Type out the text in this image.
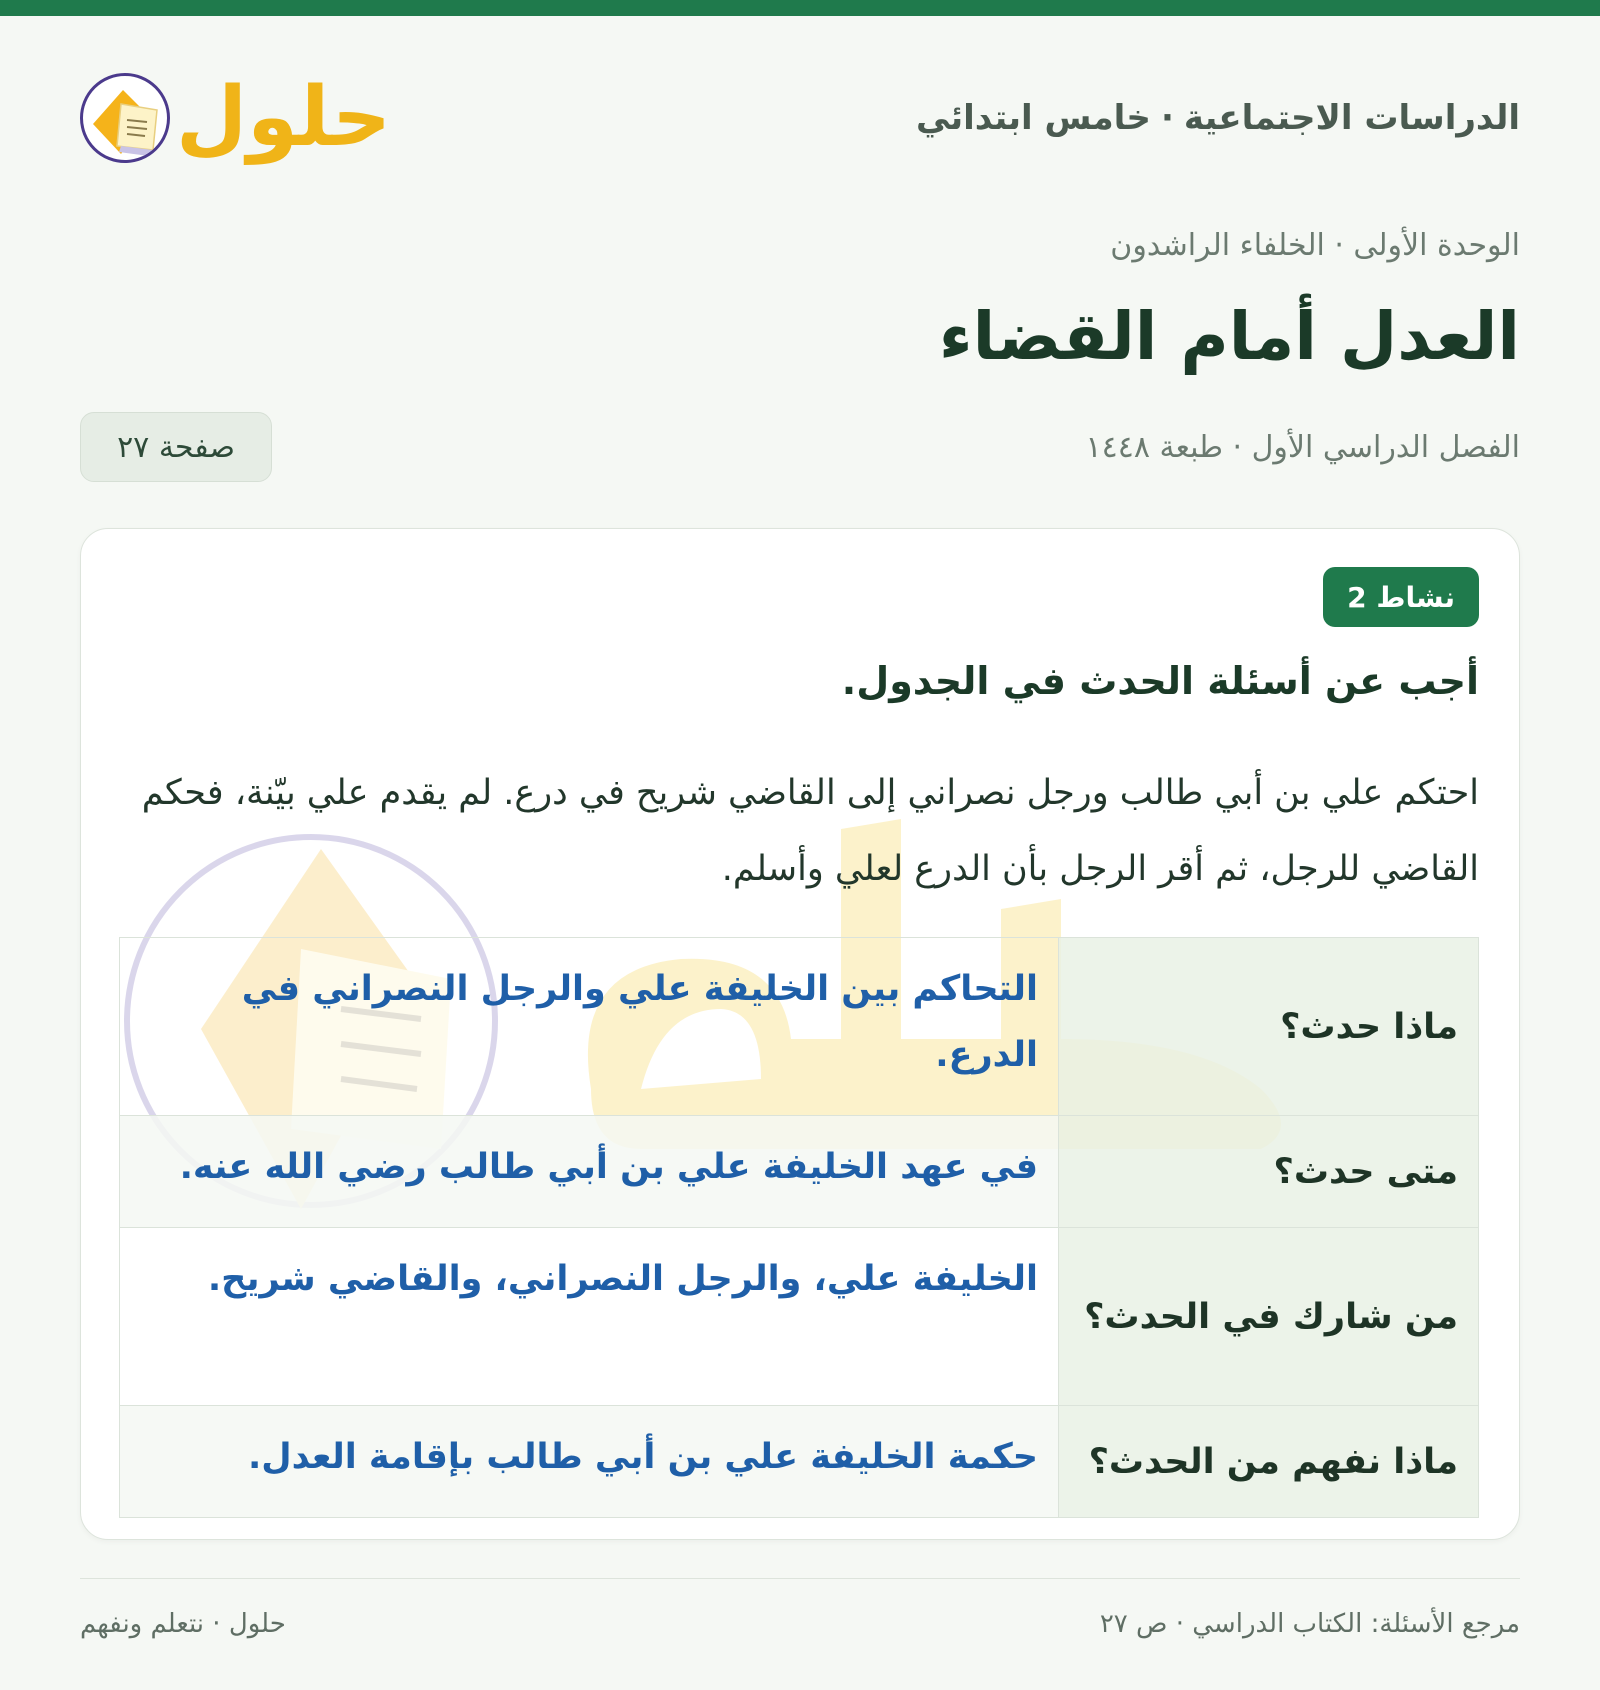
الدراسات الاجتماعية
·
خامس ابتدائي
حلول
الوحدة الأولى · الخلفاء الراشدون
العدل أمام القضاء
الفصل الدراسي الأول · طبعة ١٤٤٨
صفحة ٢٧
نشاط 2
أجب عن أسئلة الحدث في الجدول.

احتكم علي بن أبي طالب ورجل نصراني إلى القاضي شريح في درع. لم يقدم علي بيّنة، فحكم القاضي للرجل، ثم أقر الرجل بأن الدرع لعلي وأسلم.

ماذا حدث؟	التحاكم بين الخليفة علي والرجل النصراني في الدرع.
متى حدث؟	في عهد الخليفة علي بن أبي طالب رضي الله عنه.
من شارك في الحدث؟	الخليفة علي، والرجل النصراني، والقاضي شريح.
ماذا نفهم من الحدث؟	حكمة الخليفة علي بن أبي طالب بإقامة العدل.
مرجع الأسئلة: الكتاب الدراسي · ص ٢٧
حلول · نتعلم ونفهم
